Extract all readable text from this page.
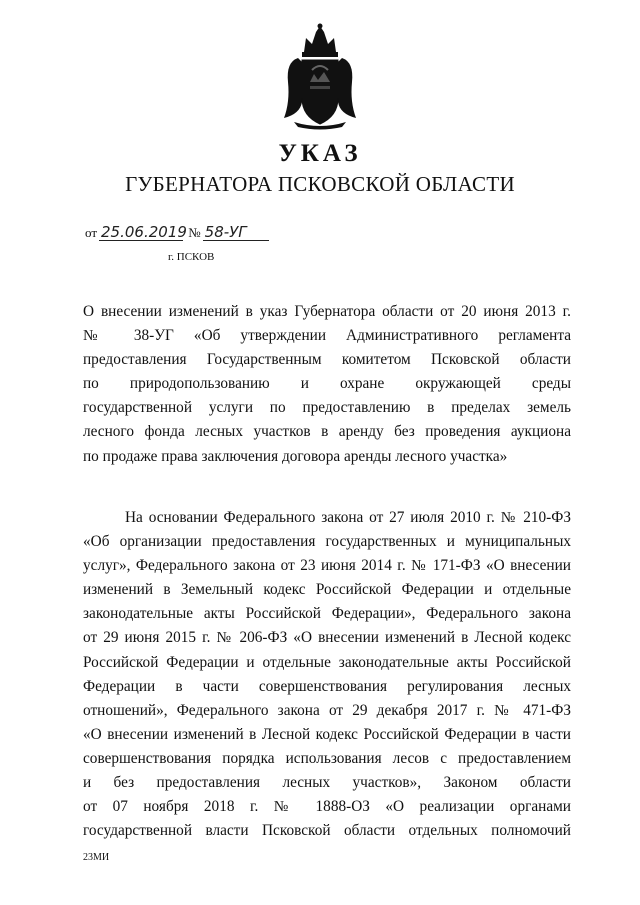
УКАЗ
ГУБЕРНАТОРА ПСКОВСКОЙ ОБЛАСТИ
от 25.06.2019 № 58-УГ
г. ПСКОВ
О внесении изменений в указ Губернатора области от 20 июня 2013 г.
№ 38-УГ «Об утверждении Административного регламента
предоставления Государственным комитетом Псковской области
по природопользованию и охране окружающей среды
государственной услуги по предоставлению в пределах земель
лесного фонда лесных участков в аренду без проведения аукциона
по продаже права заключения договора аренды лесного участка»
На основании Федерального закона от 27 июля 2010 г. № 210-ФЗ
«Об организации предоставления государственных и муниципальных
услуг», Федерального закона от 23 июня 2014 г. № 171-ФЗ «О внесении
изменений в Земельный кодекс Российской Федерации и отдельные
законодательные акты Российской Федерации», Федерального закона
от 29 июня 2015 г. № 206-ФЗ «О внесении изменений в Лесной кодекс
Российской Федерации и отдельные законодательные акты Российской
Федерации в части совершенствования регулирования лесных
отношений», Федерального закона от 29 декабря 2017 г. № 471-ФЗ
«О внесении изменений в Лесной кодекс Российской Федерации в части
совершенствования порядка использования лесов с предоставлением
и без предоставления лесных участков», Законом области
от 07 ноября 2018 г. № 1888-ОЗ «О реализации органами
государственной власти Псковской области отдельных полномочий
23МИ
